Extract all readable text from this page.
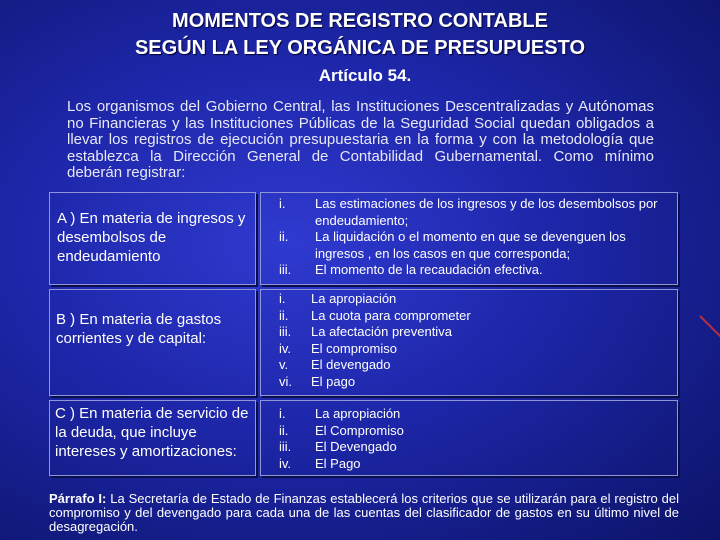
MOMENTOS DE REGISTRO CONTABLE
SEGÚN LA LEY ORGÁNICA DE PRESUPUESTO
Artículo 54.
Los organismos del Gobierno Central, las Instituciones Descentralizadas y Autónomas no Financieras y las Instituciones Públicas de la Seguridad Social quedan obligados a llevar los registros de ejecución presupuestaria en la forma y con la metodología que establezca la Dirección General de Contabilidad Gubernamental. Como mínimo deberán registrar:
A ) En materia de ingresos y desembolsos de endeudamiento
i.	Las estimaciones de los ingresos y de los desembolsos por endeudamiento;
ii.	La liquidación o el momento en que se devenguen los ingresos , en los casos en que corresponda;
iii.	El momento de la recaudación efectiva.
B ) En materia de gastos corrientes y de capital:
i.	La apropiación
ii.	La cuota para comprometer
iii.	La afectación preventiva
iv.	El compromiso
v.	El devengado
vi.	El pago
C ) En materia de servicio de la deuda, que incluye intereses y amortizaciones:
i.	La apropiación
ii.	El Compromiso
iii.	El Devengado
iv.	El Pago
Párrafo I: La Secretaría de Estado de Finanzas establecerá los criterios que se utilizarán para el registro del compromiso y del devengado para cada una de las cuentas del clasificador de gastos en su último nivel de desagregación.
